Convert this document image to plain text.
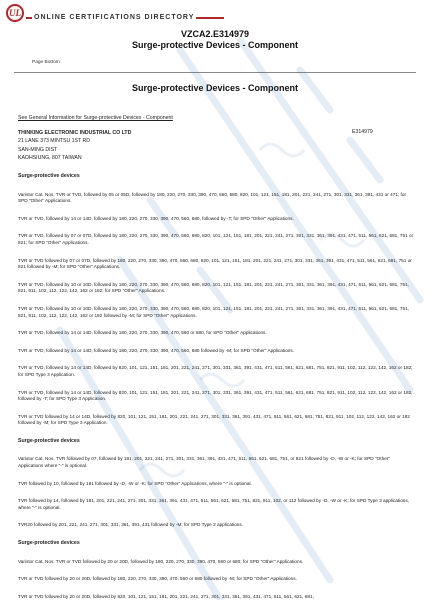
UL ONLINE CERTIFICATIONS DIRECTORY
VZCA2.E314979
Surge-protective Devices - Component
Page Bottom
Surge-protective Devices - Component
See General Information for Surge-protective Devices - Component
THINKING ELECTRONIC INDUSTRIAL CO LTD
21 LANE 373 MINTSU 1ST RD
SAN-MING DIST
KAOHSIUNG, 807 TAIWAN
E314979
Surge-protective devices
Varistor Cat. Nos. TVR or TVD, followed by 05 or 05D, followed by 180, 220, 270, 330, 390, 470, 560, 680, 820, 101, 121, 151, 181, 201, 221, 241, 271, 301, 331, 361, 391, 431 or 471; for SPD "Other" Applications.
TVR or TVD, followed by 14 or 14D, followed by 180, 220, 270, 330, 390, 470, 560, 680, followed by -T; for SPD "Other" Applications.
TVR or TVD, followed by 07 or 07D, followed by 180, 220, 270, 330, 390, 470, 560, 680, 820, 101, 121, 151, 181, 201, 221, 241, 271, 301, 331, 361, 391, 431, 471, 511, 561, 621, 681, 751 or 821; for SPD "Other" Applications.
TVR or TVD followed by 07 or 07D, followed by 180, 220, 270, 330, 390, 470, 560, 680, 820, 101, 121, 151, 181, 201, 221, 241, 271, 301, 331, 361, 391, 431, 471, 511, 561, 621, 681, 751 or 821 followed by -M; for SPD "Other" Applications.
TVR or TVD, followed by 10 or 10D, followed by 180, 220, 270, 330, 390, 470, 560, 680, 820, 101, 121, 151, 181, 201, 221, 241, 271, 301, 331, 361, 391, 431, 471, 511, 561, 621, 681, 751, 821, 911, 102, 112, 122, 142, 162 or 182; for SPD "Other" Applications.
TVR or TVD, followed by 10 or 10D, followed by 180, 220, 270, 330, 390, 470, 560, 680, 820, 101, 121, 151, 181, 201, 221, 241, 271, 301, 331, 361, 391, 431, 471, 511, 561, 621, 681, 751, 821, 911, 102, 112, 122, 142, 162 or 182 followed by -M; for SPD "Other" Applications.
TVR or TVD, followed by 14 or 14D, followed by 180, 220, 270, 330, 390, 470, 560 or 680, for SPD "Other" Applications.
TVR or TVD, followed by 14 or 14D, followed by 180, 220, 270, 330, 390, 470, 560, 680 followed by -M; for SPD "Other" Applications.
TVR or TVD, followed by 14 or 14D, followed by 820, 101, 121, 151, 181, 201, 221, 241, 271, 301, 331, 361, 391, 431, 471, 511, 561, 621, 681, 751, 821, 911, 102, 112, 122, 142, 162 or 182; for SPD Type 3 Application.
TVR or TVD, followed by 14 or 14D, followed by 820, 101, 121, 151, 181, 201, 221, 241, 271, 301, 331, 361, 391, 431, 471, 511, 561, 621, 681, 751, 821, 911, 102, 112, 122, 142, 162 or 182, followed by -T; for SPD Type 3 Application.
TVR or TVD followed by 14 or 14D, followed by 820, 101, 121, 151, 181, 201, 221, 241, 271, 301, 331, 361, 391, 431, 471, 511, 561, 621, 681, 751, 821, 911, 102, 112, 122, 142, 162 or 182 followed by -M; for SPD Type 3 Application.
Surge-protective devices
Varistor Cat. Nos. TVR followed by 07, followed by 181, 201, 221, 241, 271, 301, 331, 361, 391, 431, 471, 511, 561, 621, 681, 751, or 821 followed by -D, -W or -K; for SPD "Other" Applications where "-" is optional.
TVR followed by 10, followed by 181 followed by -D, -W or -K; for SPD "Other" Applications, where "-" is optional.
TVR followed by 14, followed by 181, 201, 221, 241, 271, 301, 331, 361, 391, 431, 471, 511, 561, 621, 681, 751, 821, 911, 102, or 112 followed by -D, -W or -K; for SPD Type 3 applications, where "-" is optional.
TVR20 followed by 201, 221, 241, 271, 301, 331, 361, 391, 431 followed by -M; for SPD Type 2 applications.
Surge-protective devices
Varistor Cat. Nos. TVR or TVD followed by 20 or 20D, followed by 180, 220, 270, 330, 390, 470, 560 or 680; for SPD "Other" Applications.
TVR or TVD followed by 20 or 20D, followed by 180, 220, 270, 330, 390, 470, 560 or 680 followed by -M; for SPD "Other" Applications.
TVR or TVD followed by 20 or 20D, followed by 820, 101, 121, 151, 181, 201, 221, 241, 271, 301, 331, 361, 391, 431, 471, 511, 561, 621, 681,
